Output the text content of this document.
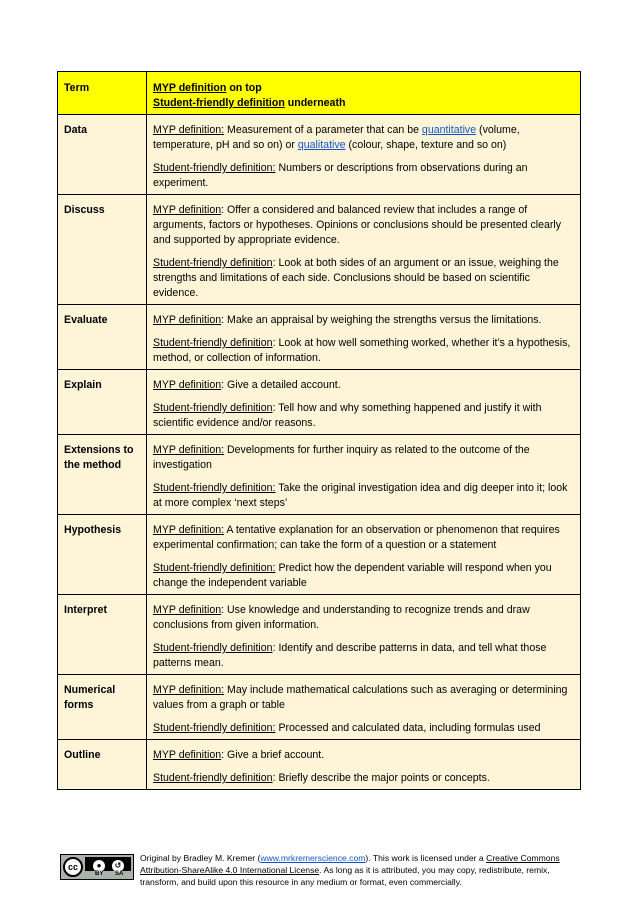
Term	MYP definition on top
Student-friendly definition underneath
Data	MYP definition: Measurement of a parameter that can be quantitative (volume, temperature, pH and so on) or qualitative (colour, shape, texture and so on)

Student-friendly definition: Numbers or descriptions from observations during an experiment.

Discuss	MYP definition: Offer a considered and balanced review that includes a range of arguments, factors or hypotheses. Opinions or conclusions should be presented clearly and supported by appropriate evidence.

Student-friendly definition: Look at both sides of an argument or an issue, weighing the strengths and limitations of each side. Conclusions should be based on scientific evidence.

Evaluate	MYP definition: Make an appraisal by weighing the strengths versus the limitations.

Student-friendly definition: Look at how well something worked, whether it’s a hypothesis, method, or collection of information.

Explain	MYP definition: Give a detailed account.

Student-friendly definition: Tell how and why something happened and justify it with scientific evidence and/or reasons.

Extensions to the method	MYP definition: Developments for further inquiry as related to the outcome of the investigation

Student-friendly definition: Take the original investigation idea and dig deeper into it; look at more complex ‘next steps’

Hypothesis	MYP definition: A tentative explanation for an observation or phenomenon that requires experimental confirmation; can take the form of a question or a statement

Student-friendly definition: Predict how the dependent variable will respond when you change the independent variable

Interpret	MYP definition: Use knowledge and understanding to recognize trends and draw conclusions from given information.

Student-friendly definition: Identify and describe patterns in data, and tell what those patterns mean.

Numerical forms	MYP definition: May include mathematical calculations such as averaging or determining values from a graph or table

Student-friendly definition: Processed and calculated data, including formulas used

Outline	MYP definition: Give a brief account.

Student-friendly definition: Briefly describe the major points or concepts.

cc	●	↺
BY SA
Original by Bradley M. Kremer (www.mrkremerscience.com). This work is licensed under a Creative Commons Attribution-ShareAlike 4.0 International License. As long as it is attributed, you may copy, redistribute, remix, transform, and build upon this resource in any medium or format, even commercially.
